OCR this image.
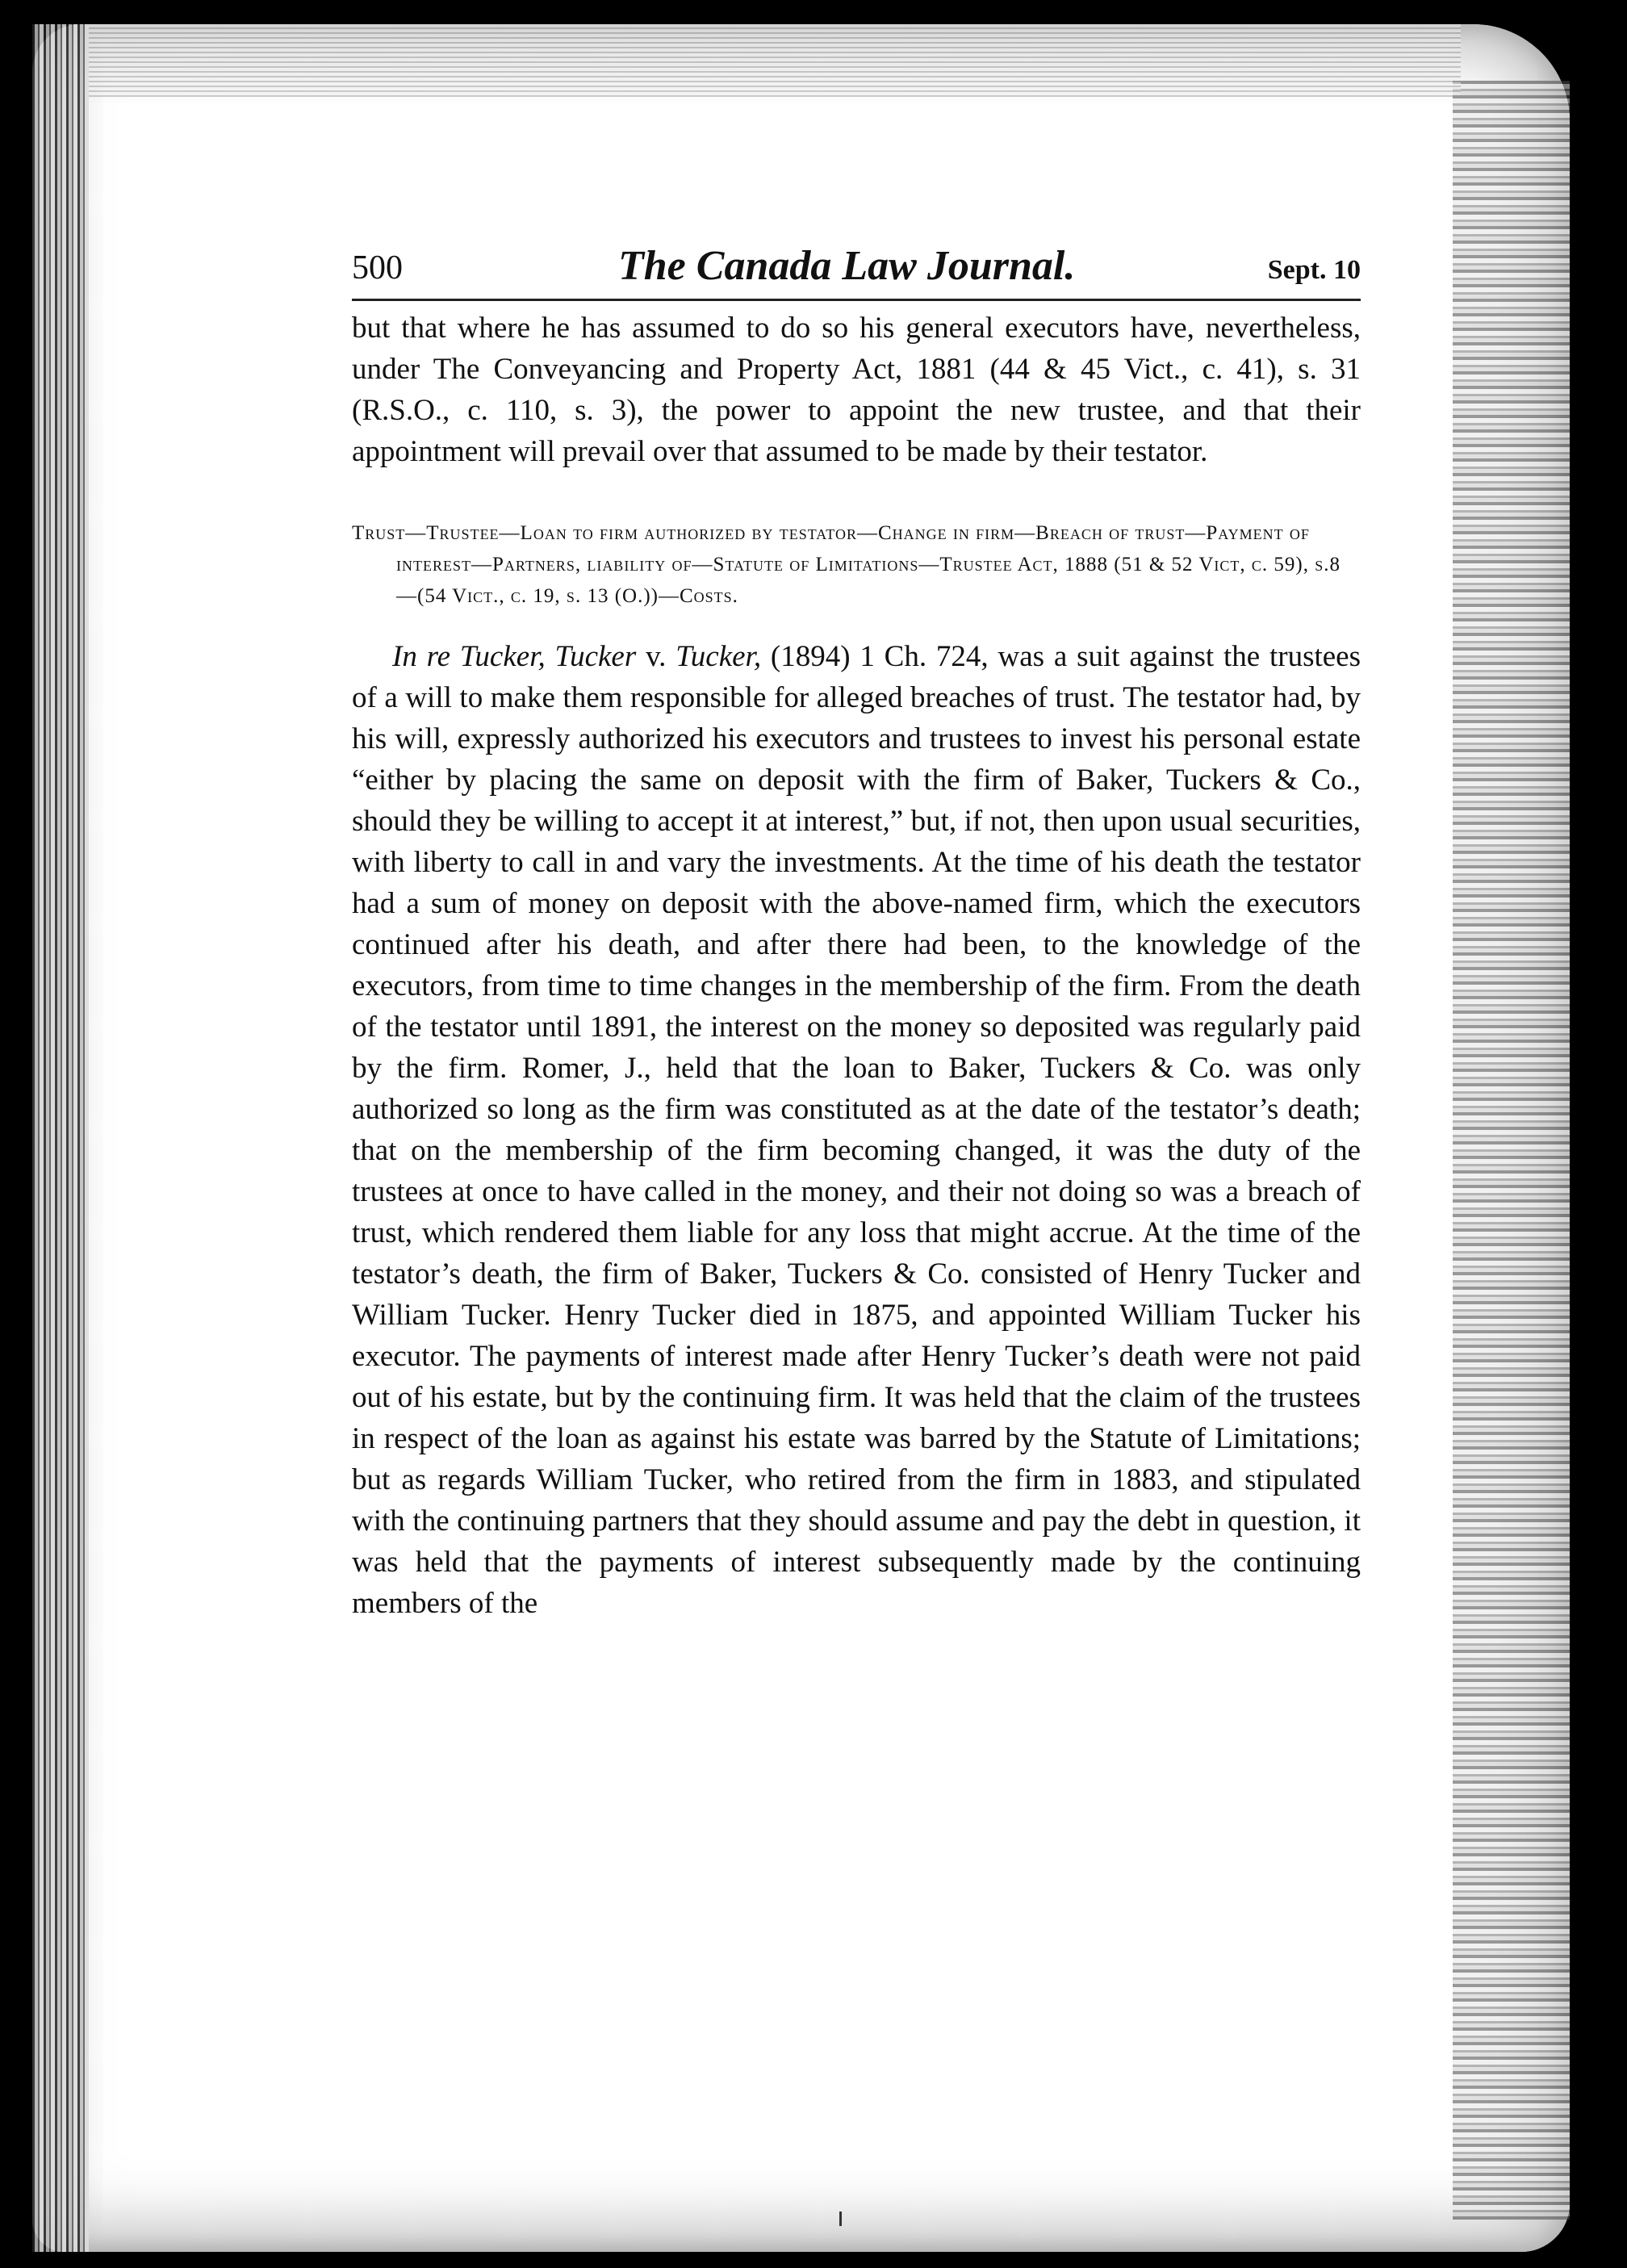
500	The Canada Law Journal.	Sept. 10

but that where he has assumed to do so his general executors have, nevertheless, under The Conveyancing and Property Act, 1881 (44 & 45 Vict., c. 41), s. 31 (R.S.O., c. 110, s. 3), the power to appoint the new trustee, and that their appointment will prevail over that assumed to be made by their testator.

Trust—Trustee—Loan to firm authorized by testator—Change in firm—Breach of trust—Payment of interest—Partners, liability of—Statute of Limitations—Trustee Act, 1888 (51 & 52 Vict, c. 59), s.8—(54 Vict., c. 19, s. 13 (O.))—Costs.

In re Tucker, Tucker v. Tucker, (1894) 1 Ch. 724, was a suit against the trustees of a will to make them responsible for alleged breaches of trust. The testator had, by his will, expressly authorized his executors and trustees to invest his personal estate “either by placing the same on deposit with the firm of Baker, Tuckers & Co., should they be willing to accept it at interest,” but, if not, then upon usual securities, with liberty to call in and vary the investments. At the time of his death the testator had a sum of money on deposit with the above-named firm, which the executors continued after his death, and after there had been, to the knowledge of the executors, from time to time changes in the membership of the firm. From the death of the testator until 1891, the interest on the money so deposited was regularly paid by the firm. Romer, J., held that the loan to Baker, Tuckers & Co. was only authorized so long as the firm was constituted as at the date of the testator’s death; that on the membership of the firm becoming changed, it was the duty of the trustees at once to have called in the money, and their not doing so was a breach of trust, which rendered them liable for any loss that might accrue. At the time of the testator’s death, the firm of Baker, Tuckers & Co. consisted of Henry Tucker and William Tucker. Henry Tucker died in 1875, and appointed William Tucker his executor. The payments of interest made after Henry Tucker’s death were not paid out of his estate, but by the continuing firm. It was held that the claim of the trustees in respect of the loan as against his estate was barred by the Statute of Limitations; but as regards William Tucker, who retired from the firm in 1883, and stipulated with the continuing partners that they should assume and pay the debt in question, it was held that the payments of interest subsequently made by the continuing members of the
